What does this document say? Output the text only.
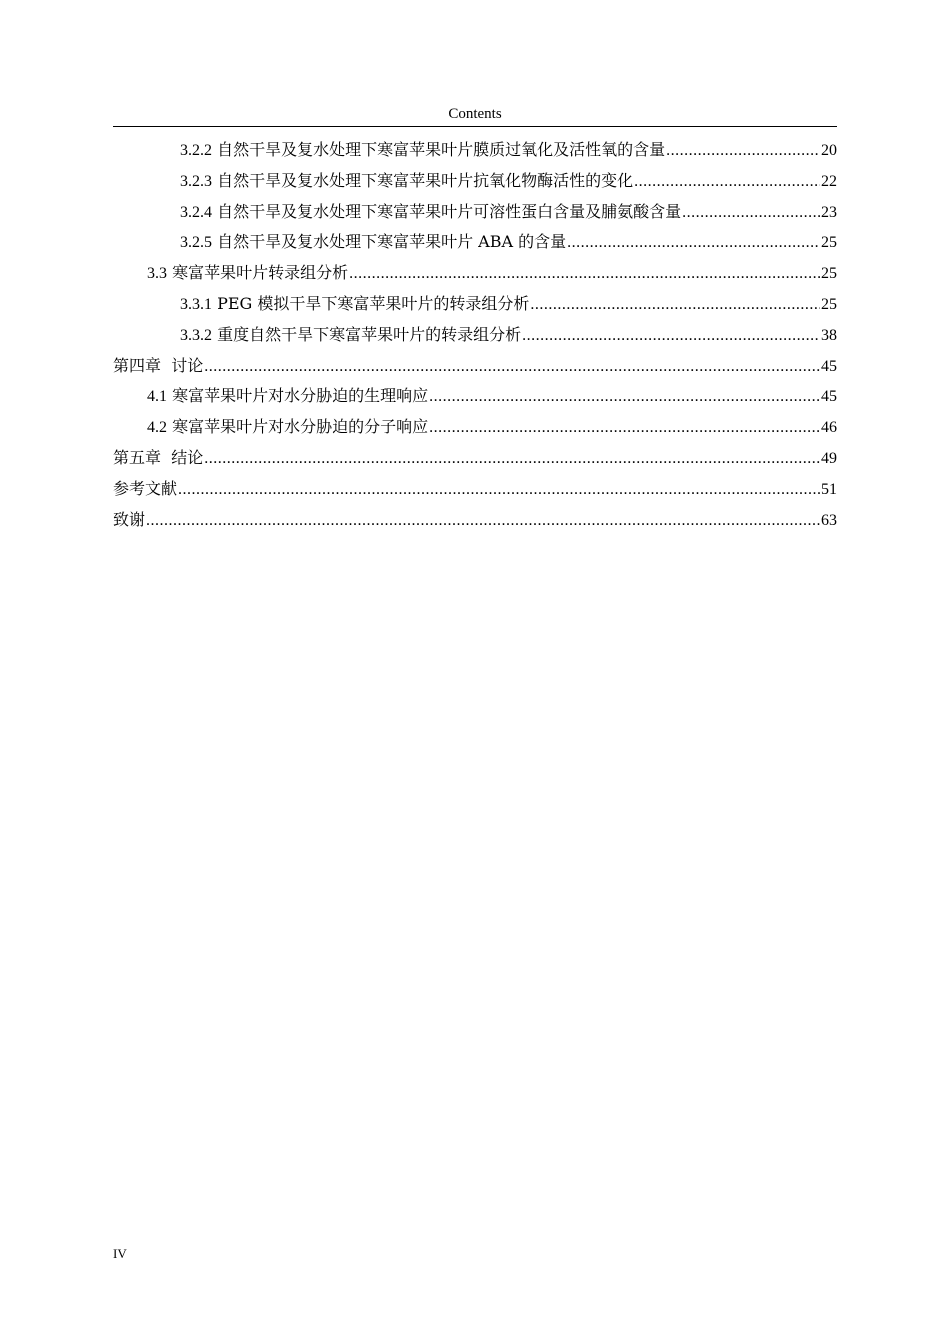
Contents
3.2.2 自然干旱及复水处理下寒富苹果叶片膜质过氧化及活性氧的含量 .....	20
3.2.3 自然干旱及复水处理下寒富苹果叶片抗氧化物酶活性的变化 .....	22
3.2.4 自然干旱及复水处理下寒富苹果叶片可溶性蛋白含量及脯氨酸含量 .....	23
3.2.5 自然干旱及复水处理下寒富苹果叶片 ABA 的含量 .....	25
3.3 寒富苹果叶片转录组分析 .....	25
3.3.1 PEG 模拟干旱下寒富苹果叶片的转录组分析 .....	25
3.3.2 重度自然干旱下寒富苹果叶片的转录组分析 .....	38
第四章 讨论 .....	45
4.1 寒富苹果叶片对水分胁迫的生理响应 .....	45
4.2 寒富苹果叶片对水分胁迫的分子响应 .....	46
第五章 结论 .....	49
参考文献 .....	51
致谢 .....	63
IV
